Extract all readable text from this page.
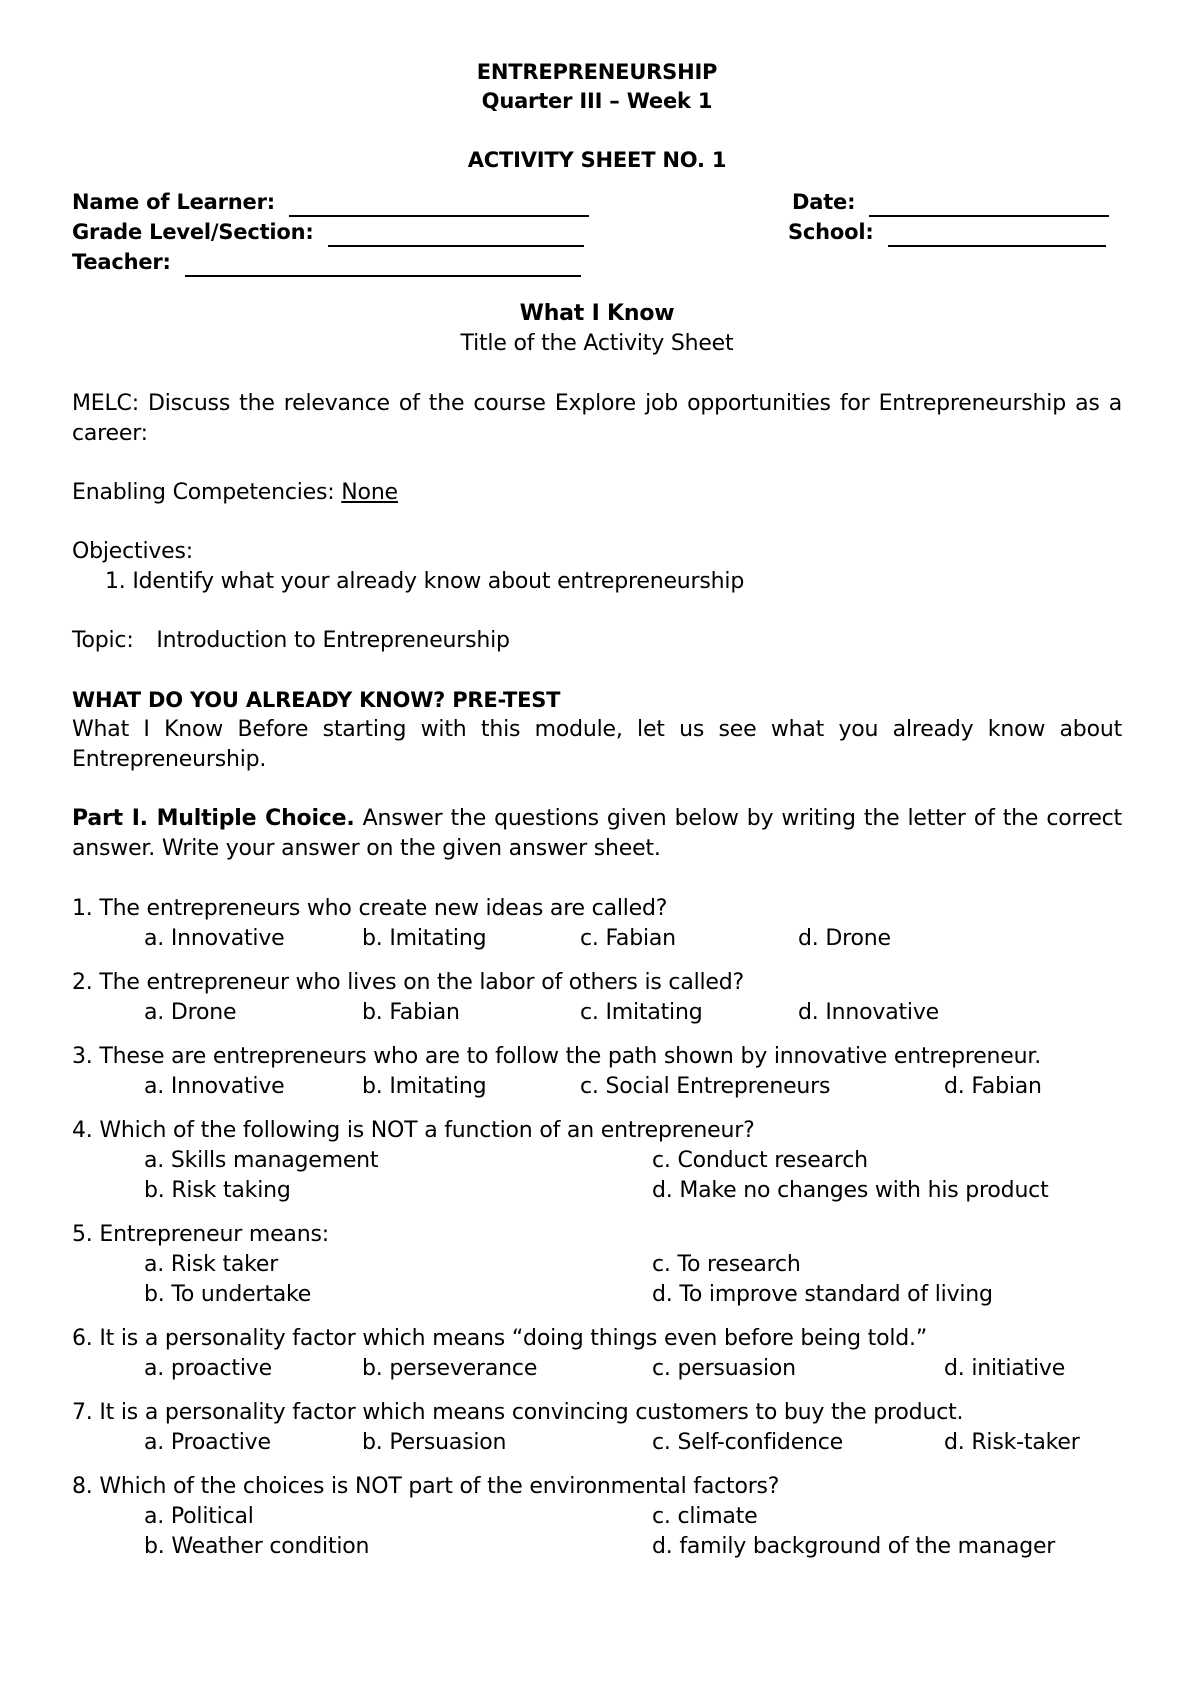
ENTREPRENEURSHIP
Quarter III – Week 1
ACTIVITY SHEET NO. 1
Name of Learner:	Date:
Grade Level/Section:	School:
Teacher:
What I Know
Title of the Activity Sheet
MELC: Discuss the relevance of the course Explore job opportunities for Entrepreneurship as a career:
Enabling Competencies: None
Objectives:
1. Identify what your already know about entrepreneurship
Topic: Introduction to Entrepreneurship
WHAT DO YOU ALREADY KNOW? PRE-TEST
What I Know Before starting with this module, let us see what you already know about Entrepreneurship.
Part I. Multiple Choice. Answer the questions given below by writing the letter of the correct answer. Write your answer on the given answer sheet.
1. The entrepreneurs who create new ideas are called?
a. Innovative	b. Imitating	c. Fabian	d. Drone
2. The entrepreneur who lives on the labor of others is called?
a. Drone	b. Fabian	c. Imitating	d. Innovative
3. These are entrepreneurs who are to follow the path shown by innovative entrepreneur.
a. Innovative	b. Imitating	c. Social Entrepreneurs	d. Fabian
4. Which of the following is NOT a function of an entrepreneur?
a. Skills management	c. Conduct research
b. Risk taking	d. Make no changes with his product
5. Entrepreneur means:
a. Risk taker	c. To research
b. To undertake	d. To improve standard of living
6. It is a personality factor which means “doing things even before being told.”
a. proactive	b. perseverance	c. persuasion	d. initiative
7. It is a personality factor which means convincing customers to buy the product.
a. Proactive	b. Persuasion	c. Self-confidence	d. Risk-taker
8. Which of the choices is NOT part of the environmental factors?
a. Political	c. climate
b. Weather condition	d. family background of the manager
